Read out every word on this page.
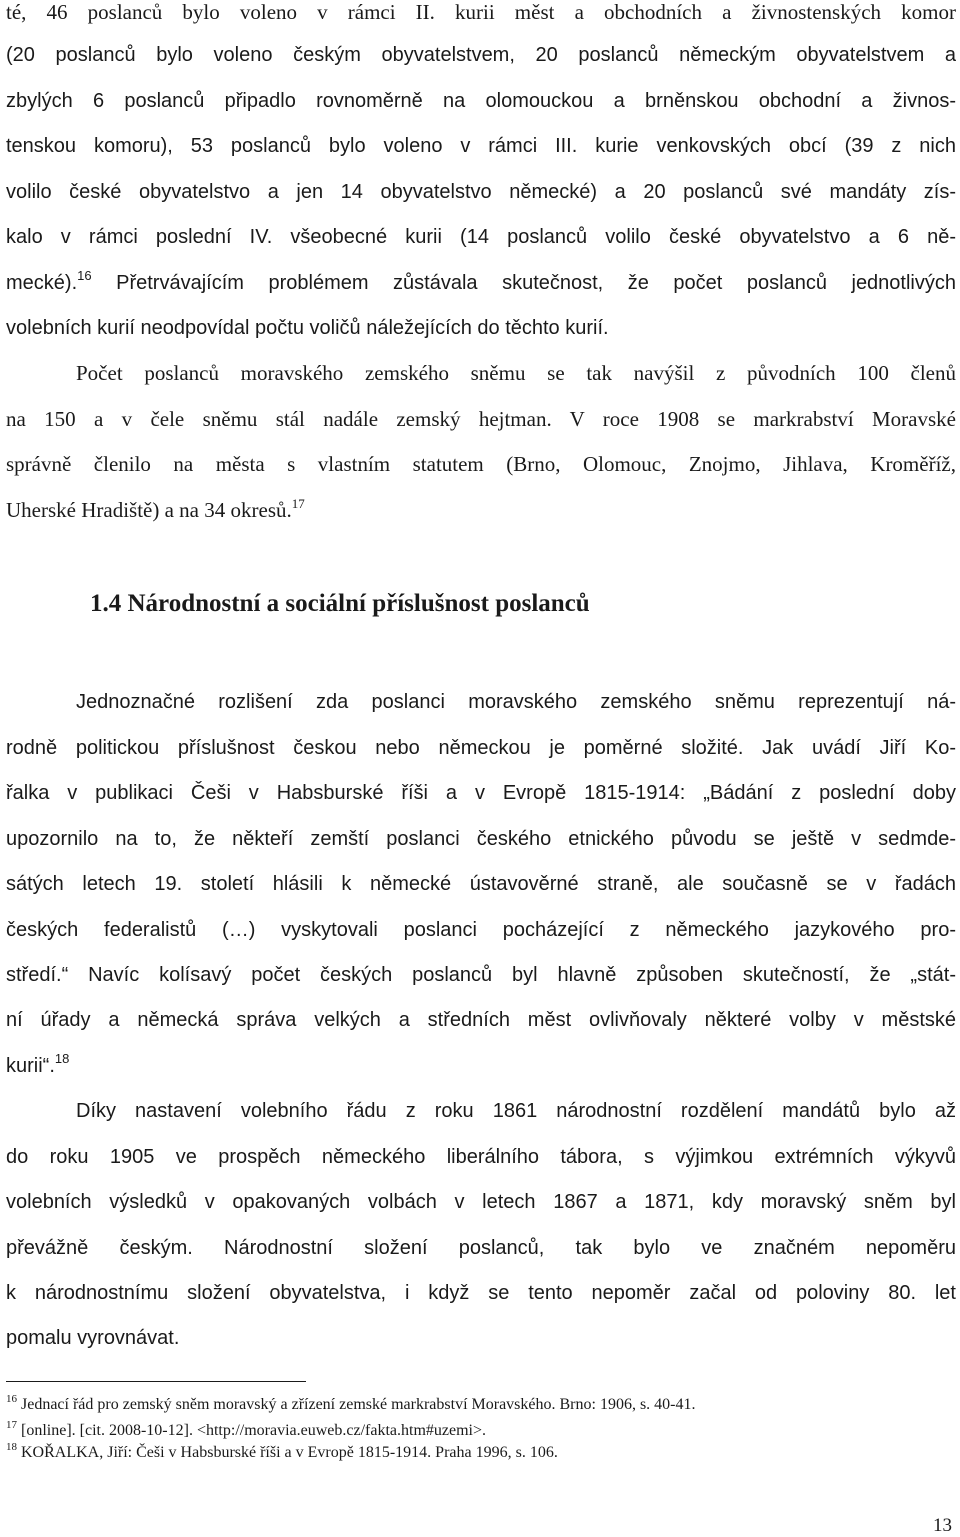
té, 46 poslanců bylo voleno v rámci II. kurii měst a obchodních a živnostenských komor
(20 poslanců bylo voleno českým obyvatelstvem, 20 poslanců německým obyvatelstvem a
zbylých 6 poslanců připadlo rovnoměrně na olomouckou a brněnskou obchodní a živnos-
tenskou komoru), 53 poslanců bylo voleno v rámci III. kurie venkovských obcí (39 z nich
volilo české obyvatelstvo a jen 14 obyvatelstvo německé) a 20 poslanců své mandáty zís-
kalo v rámci poslední IV. všeobecné kurii (14 poslanců volilo české obyvatelstvo a 6 ně-
mecké).$^{16}$ Přetrvávajícím problémem zůstávala skutečnost, že počet poslanců jednotlivých
volebních kurií neodpovídal počtu voličů náležejících do těchto kurií.
Počet poslanců moravského zemského sněmu se tak navýšil z původních 100 členů
na 150 a v čele sněmu stál nadále zemský hejtman. V roce 1908 se markrabství Moravské
správně členilo na města s vlastním statutem (Brno, Olomouc, Znojmo, Jihlava, Kroměříž,
Uherské Hradiště) a na 34 okresů.$^{17}$
1.4 Národnostní a sociální příslušnost poslanců
Jednoznačné rozlišení zda poslanci moravského zemského sněmu reprezentují ná-
rodně politickou příslušnost českou nebo německou je poměrné složité. Jak uvádí Jiří Ko-
řalka v publikaci Češi v Habsburské říši a v Evropě 1815-1914: „Bádání z poslední doby
upozornilo na to, že někteří zemští poslanci českého etnického původu se ještě v sedmde-
sátých letech 19. století hlásili k německé ústavověrné straně, ale současně se v řadách
českých federalistů (…) vyskytovali poslanci pocházející z německého jazykového pro-
středí.“ Navíc kolísavý počet českých poslanců byl hlavně způsoben skutečností, že „stát-
ní úřady a německá správa velkých a středních měst ovlivňovaly některé volby v městské
kurii“.$^{18}$
Díky nastavení volebního řádu z roku 1861 národnostní rozdělení mandátů bylo až
do roku 1905 ve prospěch německého liberálního tábora, s výjimkou extrémních výkyvů
volebních výsledků v opakovaných volbách v letech 1867 a 1871, kdy moravský sněm byl
převážně českým. Národnostní složení poslanců, tak bylo ve značném nepoměru
k národnostnímu složení obyvatelstva, i když se tento nepoměr začal od poloviny 80. let
pomalu vyrovnávat.
$^{16}$ Jednací řád pro zemský sněm moravský a zřízení zemské markrabství Moravského. Brno: 1906, s. 40-41.
$^{17}$ [online]. [cit. 2008-10-12]. <http://moravia.euweb.cz/fakta.htm#uzemi>.
$^{18}$ KOŘALKA, Jiří: Češi v Habsburské říši a v Evropě 1815-1914. Praha 1996, s. 106.
13
